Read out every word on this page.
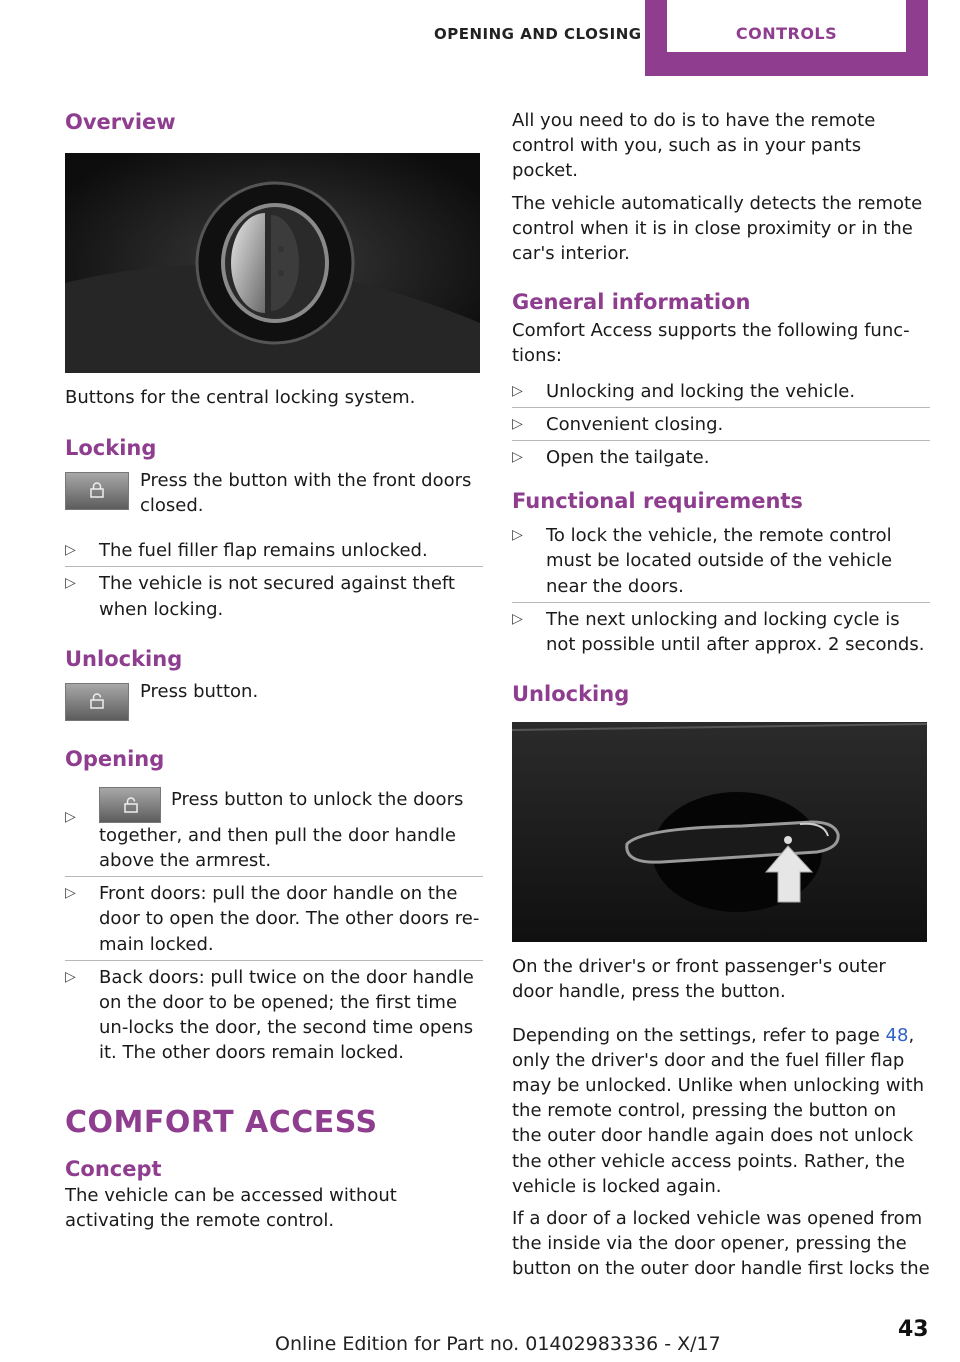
OPENING AND CLOSING	CONTROLS
Overview

Buttons for the central locking system.

Locking

Press the button with the front doors closed.

▷ The fuel filler flap remains unlocked.
▷ The vehicle is not secured against theft when locking.
Unlocking

Press button.

Opening
▷
Press button to unlock the doors together, and then pull the door handle above the armrest.
▷ Front doors: pull the door handle on the door to open the door. The other doors re-main locked.
▷ Back doors: pull twice on the door handle on the door to be opened; the first time un-locks the door, the second time opens it. The other doors remain locked.
COMFORT ACCESS
Concept

The vehicle can be accessed without activating the remote control.

All you need to do is to have the remote control with you, such as in your pants pocket.

The vehicle automatically detects the remote control when it is in close proximity or in the car's interior.

General information

Comfort Access supports the following func-tions:

▷ Unlocking and locking the vehicle.
▷ Convenient closing.
▷ Open the tailgate.
Functional requirements
▷ To lock the vehicle, the remote control must be located outside of the vehicle near the doors.
▷ The next unlocking and locking cycle is not possible until after approx. 2 seconds.
Unlocking

On the driver's or front passenger's outer door handle, press the button.

Depending on the settings, refer to page 48, only the driver's door and the fuel filler flap may be unlocked. Unlike when unlocking with the remote control, pressing the button on the outer door handle again does not unlock the other vehicle access points. Rather, the vehicle is locked again.

If a door of a locked vehicle was opened from the inside via the door opener, pressing the button on the outer door handle first locks the

Online Edition for Part no. 01402983336 - X/17
43
